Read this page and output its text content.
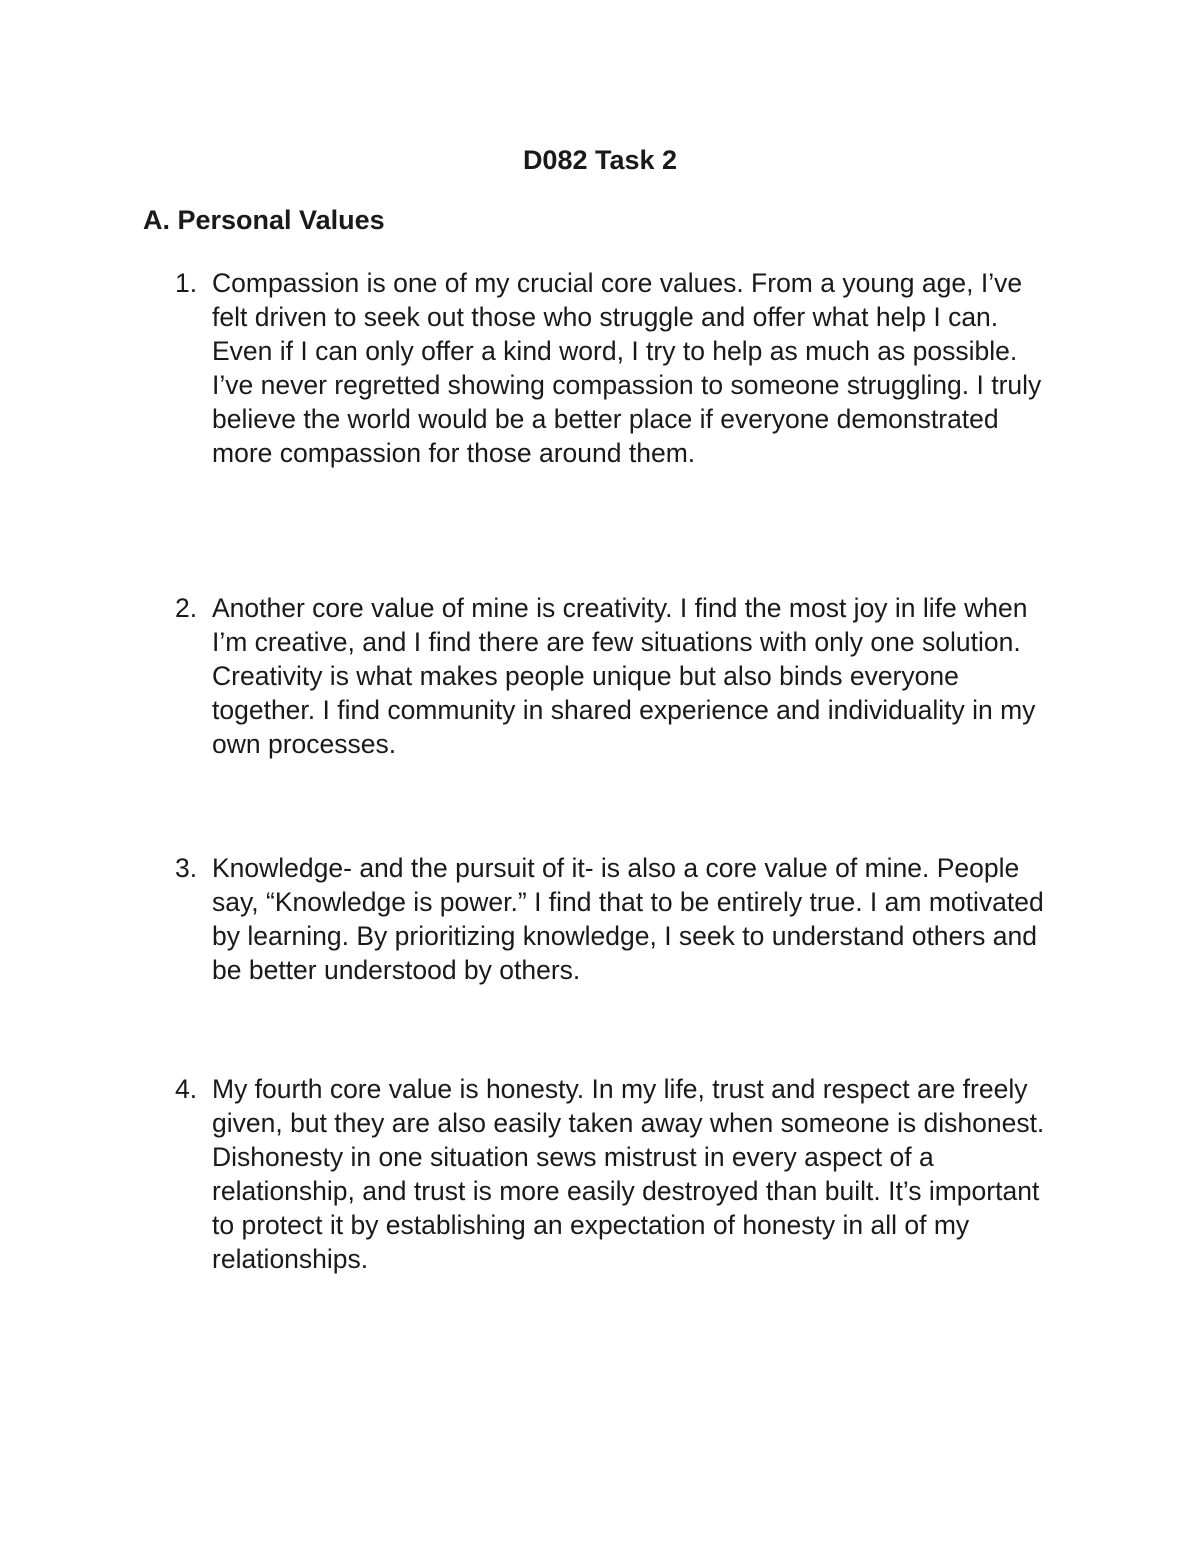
D082 Task 2
A. Personal Values
1. Compassion is one of my crucial core values. From a young age, I’ve felt driven to seek out those who struggle and offer what help I can. Even if I can only offer a kind word, I try to help as much as possible. I’ve never regretted showing compassion to someone struggling. I truly believe the world would be a better place if everyone demonstrated more compassion for those around them.
2. Another core value of mine is creativity. I find the most joy in life when I’m creative, and I find there are few situations with only one solution. Creativity is what makes people unique but also binds everyone together. I find community in shared experience and individuality in my own processes.
3. Knowledge- and the pursuit of it- is also a core value of mine. People say, “Knowledge is power.” I find that to be entirely true. I am motivated by learning. By prioritizing knowledge, I seek to understand others and be better understood by others.
4. My fourth core value is honesty. In my life, trust and respect are freely given, but they are also easily taken away when someone is dishonest. Dishonesty in one situation sews mistrust in every aspect of a relationship, and trust is more easily destroyed than built. It’s important to protect it by establishing an expectation of honesty in all of my relationships.
